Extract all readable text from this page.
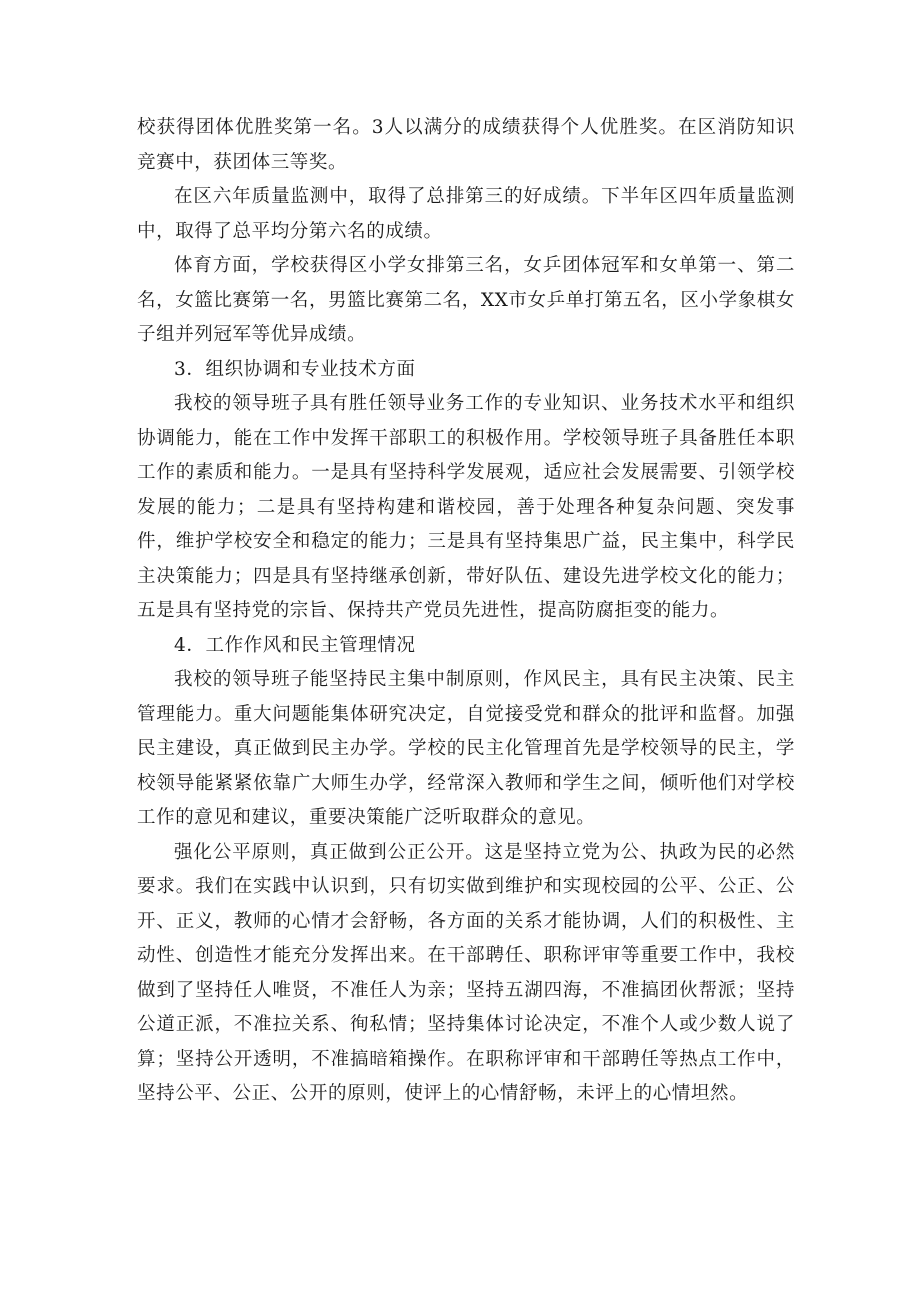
校获得团体优胜奖第一名。3人以满分的成绩获得个人优胜奖。在区消防知识竞赛中，获团体三等奖。

在区六年质量监测中，取得了总排第三的好成绩。下半年区四年质量监测中，取得了总平均分第六名的成绩。

体育方面，学校获得区小学女排第三名，女乒团体冠军和女单第一、第二名，女篮比赛第一名，男篮比赛第二名，XX市女乒单打第五名，区小学象棋女子组并列冠军等优异成绩。

3．组织协调和专业技术方面

我校的领导班子具有胜任领导业务工作的专业知识、业务技术水平和组织协调能力，能在工作中发挥干部职工的积极作用。学校领导班子具备胜任本职工作的素质和能力。一是具有坚持科学发展观，适应社会发展需要、引领学校发展的能力；二是具有坚持构建和谐校园，善于处理各种复杂问题、突发事件，维护学校安全和稳定的能力；三是具有坚持集思广益，民主集中，科学民主决策能力；四是具有坚持继承创新，带好队伍、建设先进学校文化的能力；五是具有坚持党的宗旨、保持共产党员先进性，提高防腐拒变的能力。

4．工作作风和民主管理情况

我校的领导班子能坚持民主集中制原则，作风民主，具有民主决策、民主管理能力。重大问题能集体研究决定，自觉接受党和群众的批评和监督。加强民主建设，真正做到民主办学。学校的民主化管理首先是学校领导的民主，学校领导能紧紧依靠广大师生办学，经常深入教师和学生之间，倾听他们对学校工作的意见和建议，重要决策能广泛听取群众的意见。

强化公平原则，真正做到公正公开。这是坚持立党为公、执政为民的必然要求。我们在实践中认识到，只有切实做到维护和实现校园的公平、公正、公开、正义，教师的心情才会舒畅，各方面的关系才能协调，人们的积极性、主动性、创造性才能充分发挥出来。在干部聘任、职称评审等重要工作中，我校做到了坚持任人唯贤，不准任人为亲；坚持五湖四海，不准搞团伙帮派；坚持公道正派，不准拉关系、徇私情；坚持集体讨论决定，不准个人或少数人说了算；坚持公开透明，不准搞暗箱操作。在职称评审和干部聘任等热点工作中，坚持公平、公正、公开的原则，使评上的心情舒畅，未评上的心情坦然。
